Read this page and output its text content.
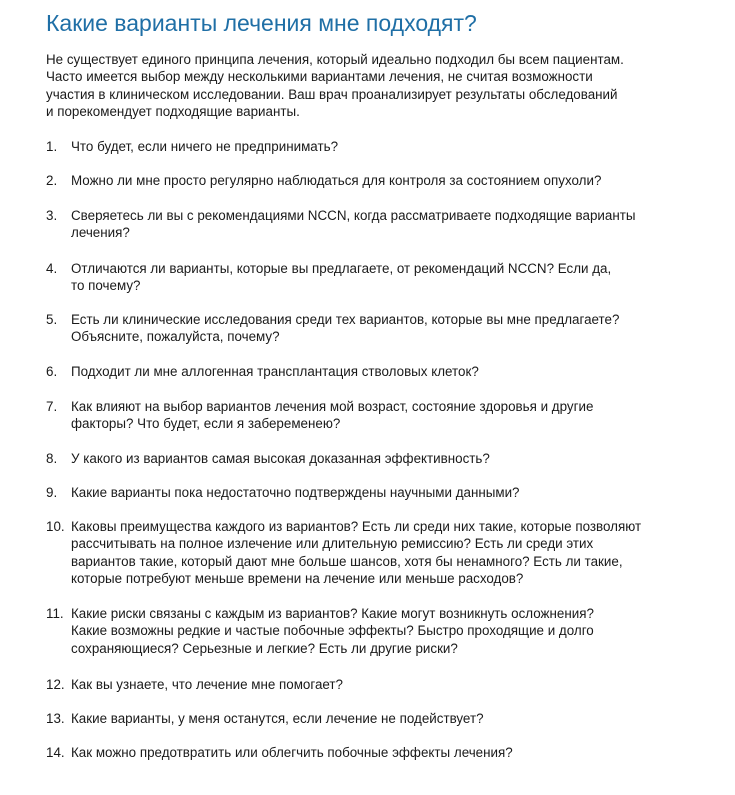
Какие варианты лечения мне подходят?

Не существует единого принципа лечения, который идеально подходил бы всем пациентам.
Часто имеется выбор между несколькими вариантами лечения, не считая возможности
участия в клиническом исследовании. Ваш врач проанализирует результаты обследований
и порекомендует подходящие варианты.

1. Что будет, если ничего не предпринимать?
2. Можно ли мне просто регулярно наблюдаться для контроля за состоянием опухоли?
3. Сверяетесь ли вы с рекомендациями NCCN, когда рассматриваете подходящие варианты
лечения?
4. Отличаются ли варианты, которые вы предлагаете, от рекомендаций NCCN? Если да,
то почему?
5. Есть ли клинические исследования среди тех вариантов, которые вы мне предлагаете?
Объясните, пожалуйста, почему?
6. Подходит ли мне аллогенная трансплантация стволовых клеток?
7. Как влияют на выбор вариантов лечения мой возраст, состояние здоровья и другие
факторы? Что будет, если я забеременею?
8. У какого из вариантов самая высокая доказанная эффективность?
9. Какие варианты пока недостаточно подтверждены научными данными?
10. Каковы преимущества каждого из вариантов? Есть ли среди них такие, которые позволяют
рассчитывать на полное излечение или длительную ремиссию? Есть ли среди этих
вариантов такие, который дают мне больше шансов, хотя бы ненамного? Есть ли такие,
которые потребуют меньше времени на лечение или меньше расходов?
11. Какие риски связаны с каждым из вариантов? Какие могут возникнуть осложнения?
Какие возможны редкие и частые побочные эффекты? Быстро проходящие и долго
сохраняющиеся? Серьезные и легкие? Есть ли другие риски?
12. Как вы узнаете, что лечение мне помогает?
13. Какие варианты, у меня останутся, если лечение не подействует?
14. Как можно предотвратить или облегчить побочные эффекты лечения?
